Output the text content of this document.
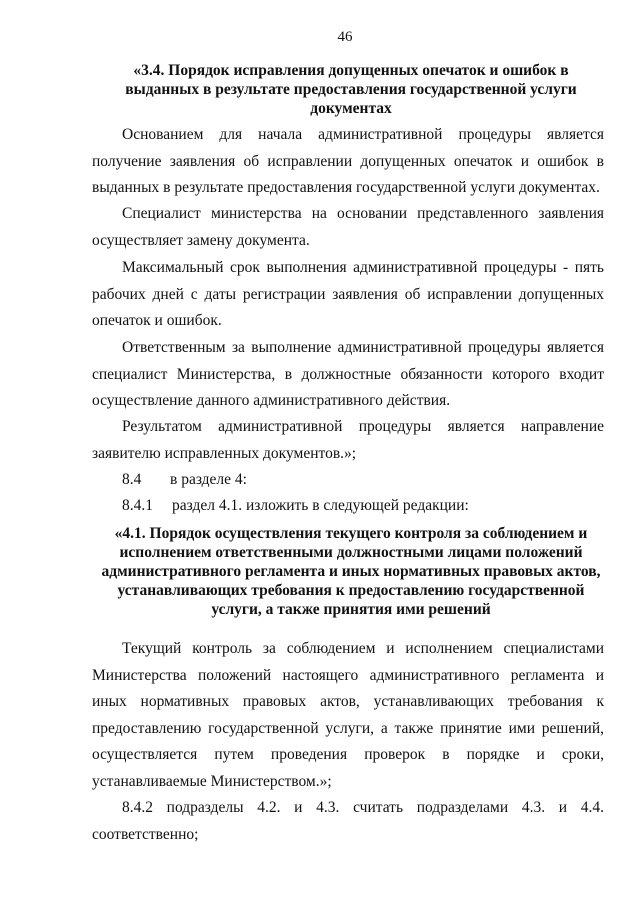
46
«3.4. Порядок исправления допущенных опечаток и ошибок в выданных в результате предоставления государственной услуги документах

Основанием для начала административной процедуры является получение заявления об исправлении допущенных опечаток и ошибок в выданных в результате предоставления государственной услуги документах.

Специалист министерства на основании представленного заявления осуществляет замену документа.

Максимальный срок выполнения административной процедуры - пять рабочих дней с даты регистрации заявления об исправлении допущенных опечаток и ошибок.

Ответственным за выполнение административной процедуры является специалист Министерства, в должностные обязанности которого входит осуществление данного административного действия.

Результатом административной процедуры является направление заявителю исправленных документов.»;

8.4 в разделе 4:
8.4.1 раздел 4.1. изложить в следующей редакции:
«4.1. Порядок осуществления текущего контроля за соблюдением и исполнением ответственными должностными лицами положений административного регламента и иных нормативных правовых актов, устанавливающих требования к предоставлению государственной услуги, а также принятия ими решений

Текущий контроль за соблюдением и исполнением специалистами Министерства положений настоящего административного регламента и иных нормативных правовых актов, устанавливающих требования к предоставлению государственной услуги, а также принятие ими решений, осуществляется путем проведения проверок в порядке и сроки, устанавливаемые Министерством.»;

8.4.2 подразделы 4.2. и 4.3. считать подразделами 4.3. и 4.4. соответственно;
